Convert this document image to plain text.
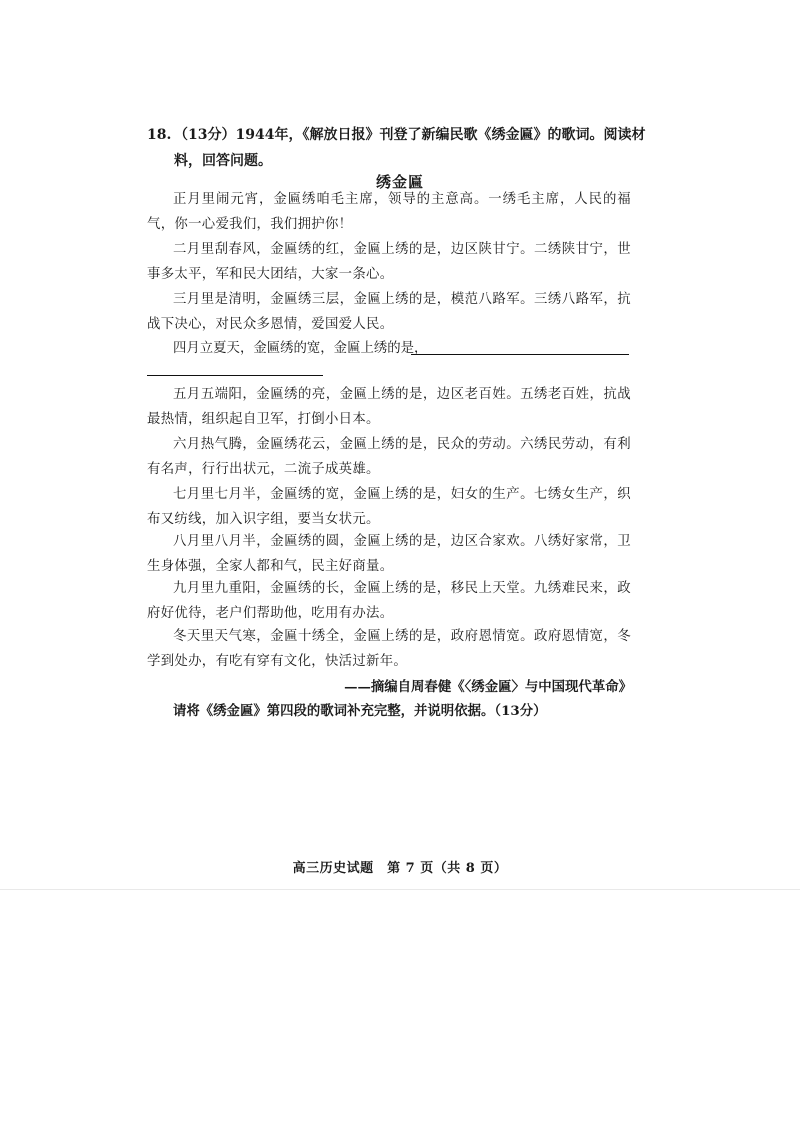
18. （13分）1944年，《解放日报》刊登了新编民歌《绣金匾》的歌词。阅读材料，回答问题。
绣金匾
正月里闹元宵，金匾绣咱毛主席，领导的主意高。一绣毛主席，人民的福气，你一心爱我们，我们拥护你！
二月里刮春风，金匾绣的红，金匾上绣的是，边区陕甘宁。二绣陕甘宁，世事多太平，军和民大团结，大家一条心。
三月里是清明，金匾绣三层，金匾上绣的是，模范八路军。三绣八路军，抗战下决心，对民众多恩情，爱国爱人民。
四月立夏天，金匾绣的宽，金匾上绣的是，
五月五端阳，金匾绣的亮，金匾上绣的是，边区老百姓。五绣老百姓，抗战最热情，组织起自卫军，打倒小日本。
六月热气腾，金匾绣花云，金匾上绣的是，民众的劳动。六绣民劳动，有利有名声，行行出状元，二流子成英雄。
七月里七月半，金匾绣的宽，金匾上绣的是，妇女的生产。七绣女生产，织布又纺线，加入识字组，要当女状元。
八月里八月半，金匾绣的圆，金匾上绣的是，边区合家欢。八绣好家常，卫生身体强，全家人都和气，民主好商量。
九月里九重阳，金匾绣的长，金匾上绣的是，移民上天堂。九绣难民来，政府好优待，老户们帮助他，吃用有办法。
冬天里天气寒，金匾十绣全，金匾上绣的是，政府恩情宽。政府恩情宽，冬学到处办，有吃有穿有文化，快活过新年。
——摘编自周春健《〈绣金匾〉与中国现代革命》
请将《绣金匾》第四段的歌词补充完整，并说明依据。（13分）
高三历史试题　第 7 页（共 8 页）
